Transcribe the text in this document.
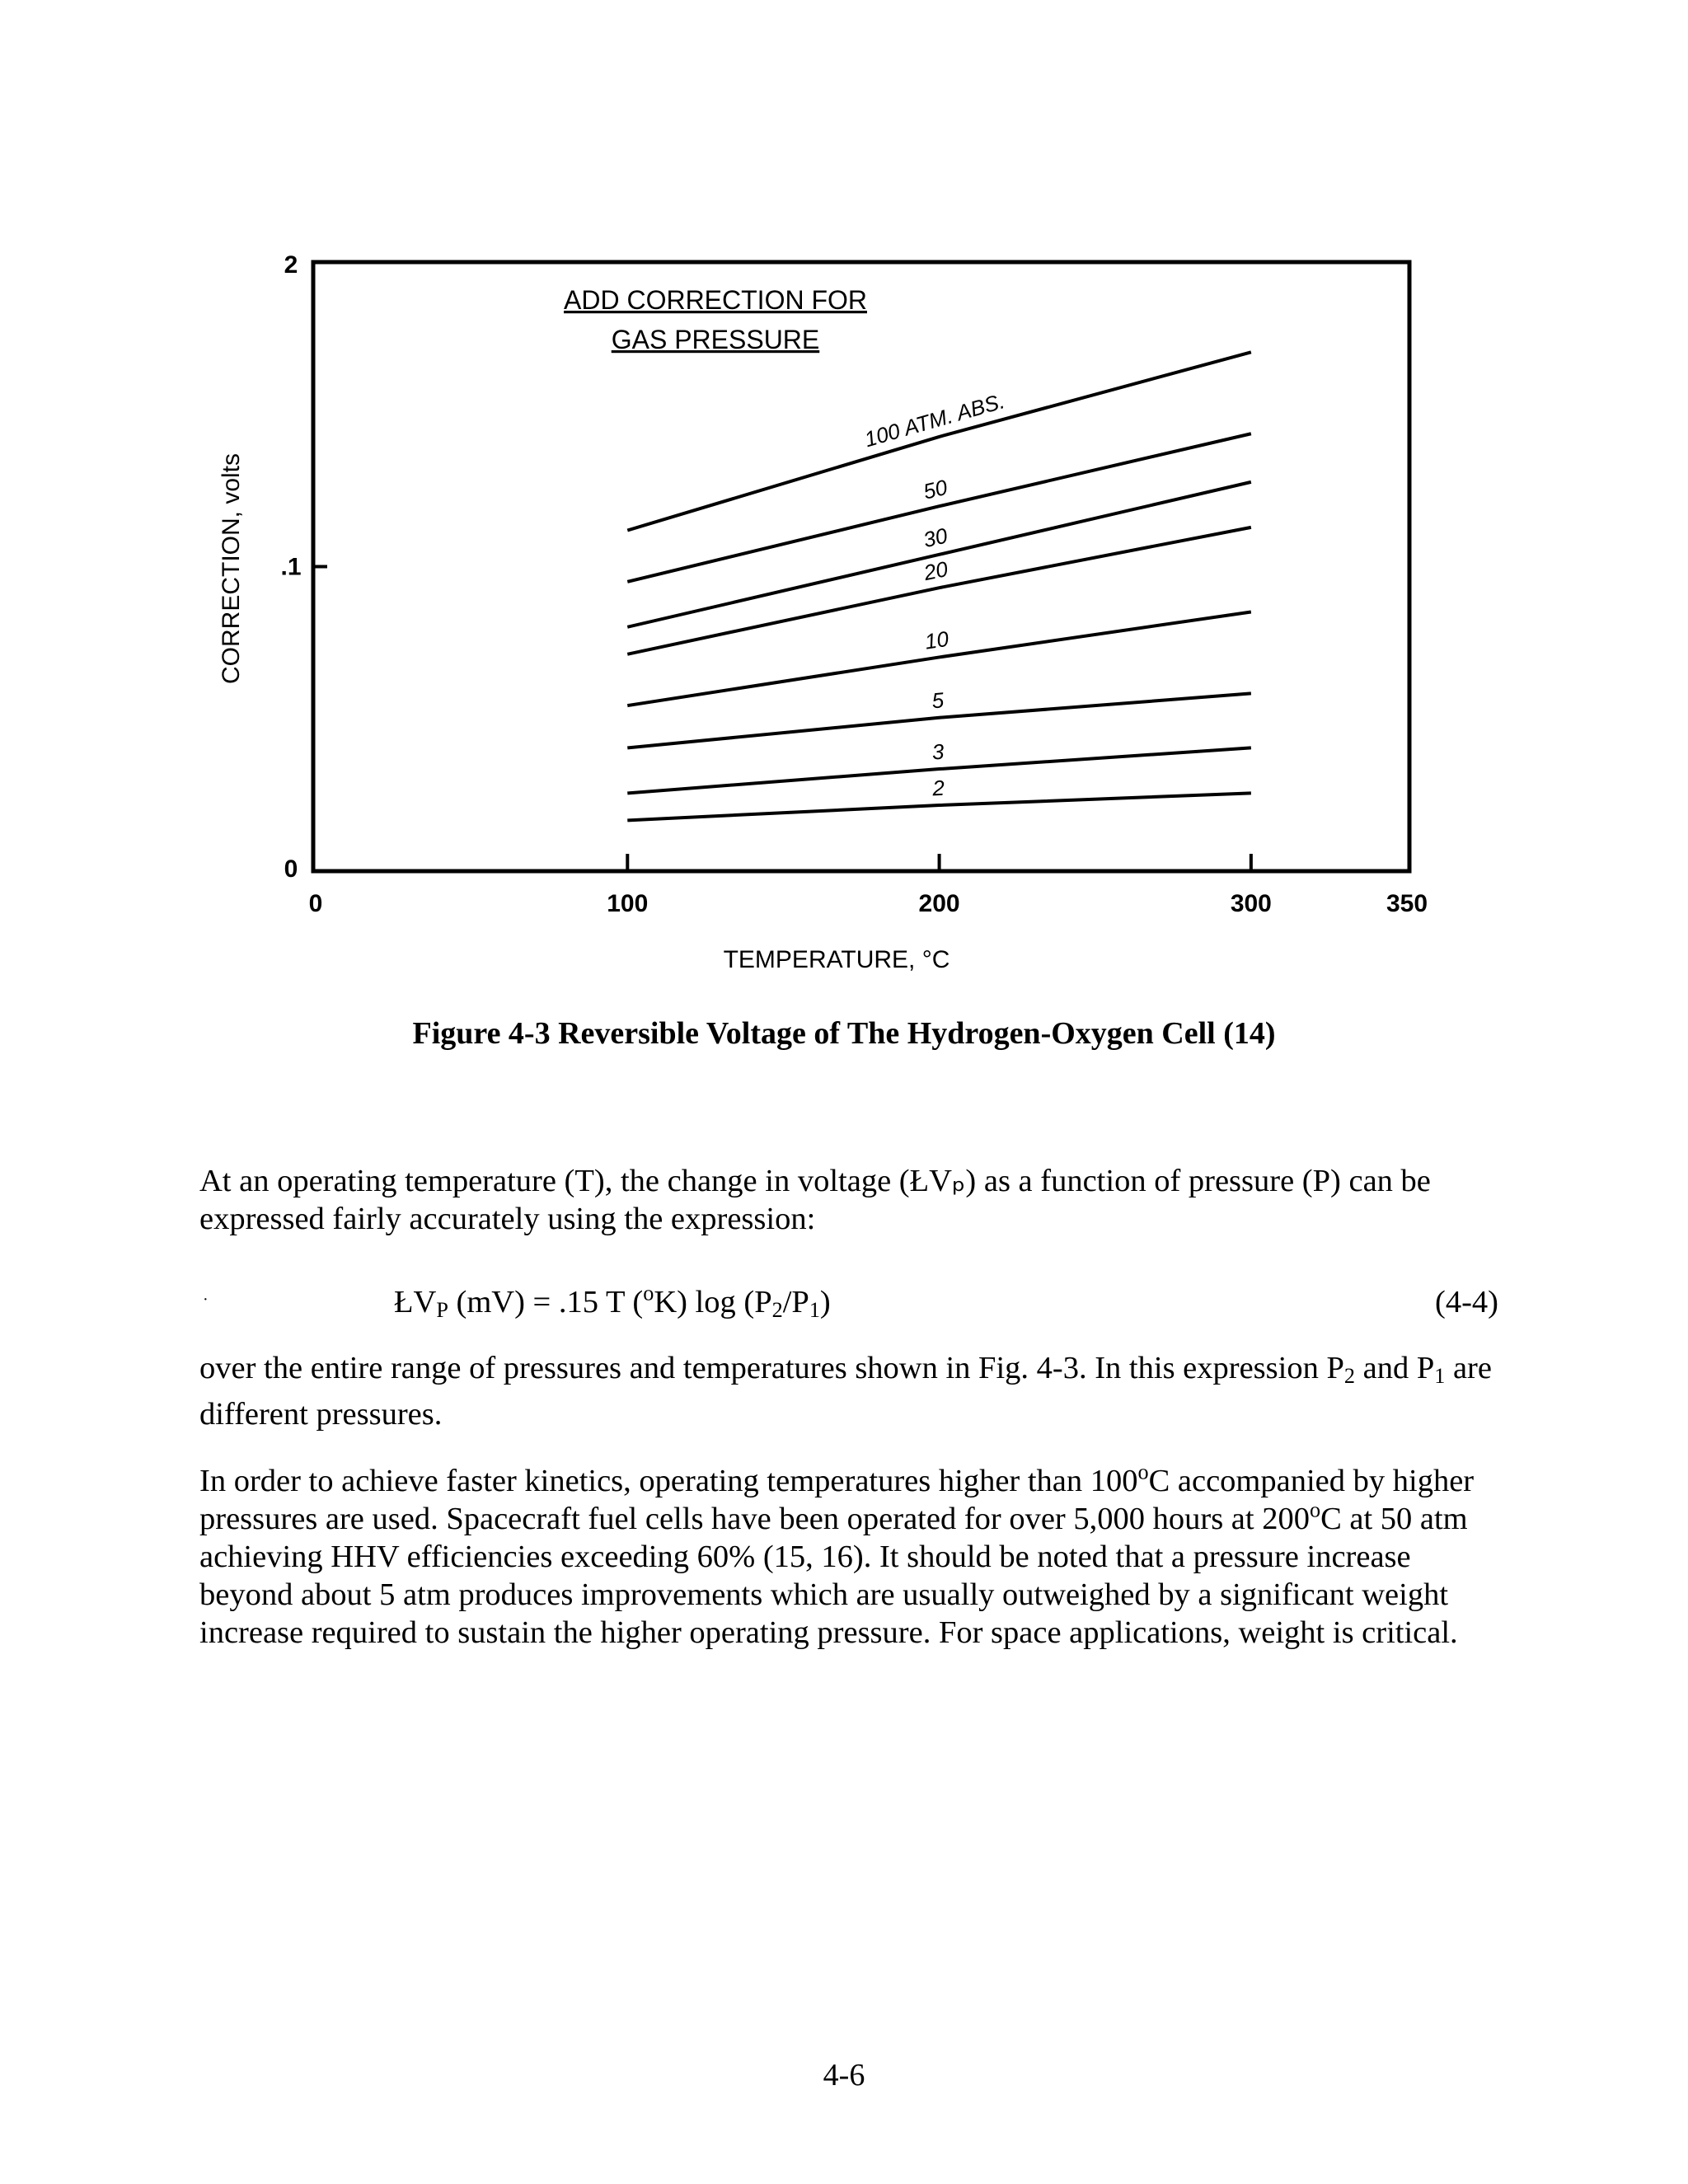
ADD CORRECTION FOR
GAS PRESSURE
CORRECTION, volts
TEMPERATURE, °C
0
.1
2
0	100	200	300	350
100 ATM. ABS.
50
30
20
10
5
3
2
Figure 4-3 Reversible Voltage of The Hydrogen-Oxygen Cell (14)
At an operating temperature (T), the change in voltage (ŁVₚ) as a function of pressure (P) can be expressed fairly accurately using the expression:
·	$ŁV_P$ (mV) = .15 T ($^o$K) $\log (P_2/P_1)$	(4-4)
over the entire range of pressures and temperatures shown in Fig. 4-3. In this expression $P_2$ and $P_1$ are different pressures.
In order to achieve faster kinetics, operating temperatures higher than 100$^o$C accompanied by higher pressures are used. Spacecraft fuel cells have been operated for over 5,000 hours at 200$^o$C at 50 atm achieving HHV efficiencies exceeding 60% (15, 16). It should be noted that a pressure increase beyond about 5 atm produces improvements which are usually outweighed by a significant weight increase required to sustain the higher operating pressure. For space applications, weight is critical.
4-6
